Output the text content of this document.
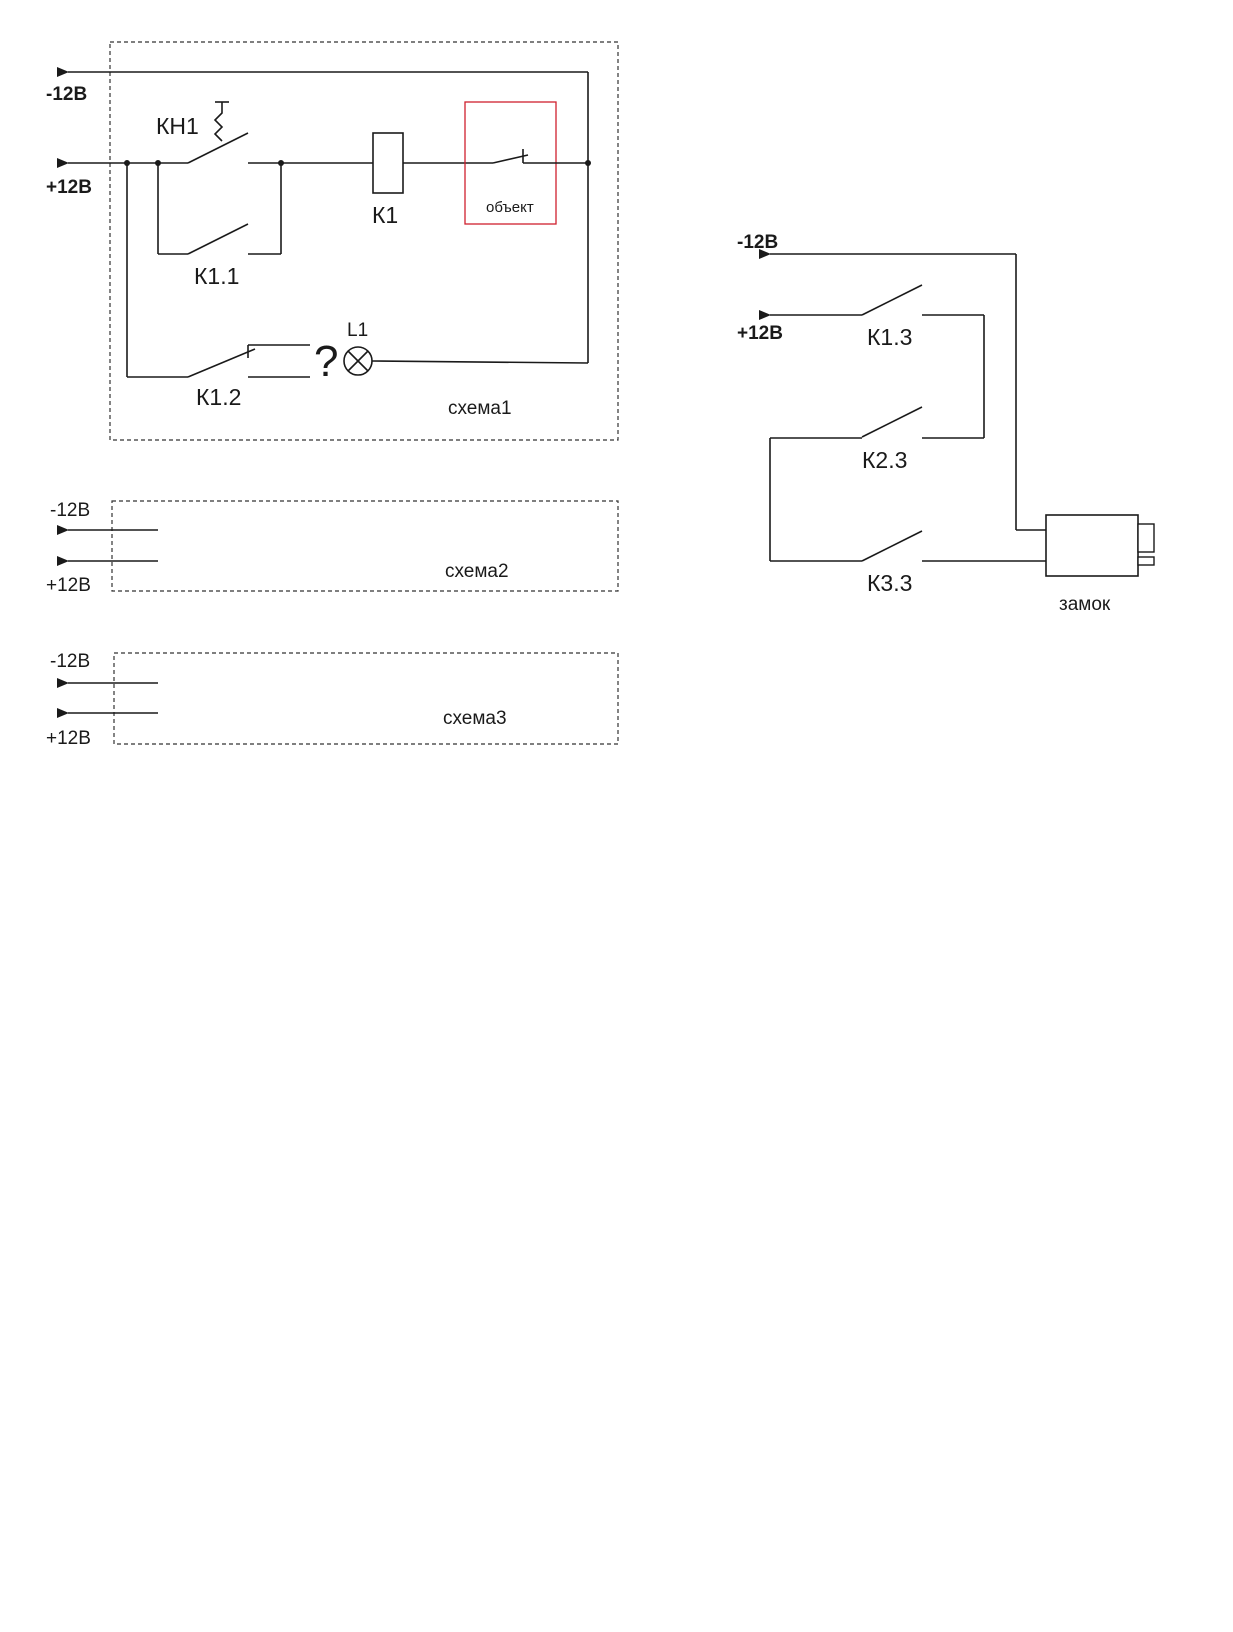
-12В
+12В
КН1
К1.1
К1	объект
К1.2
?
L1
схема1
-12В
+12В
схема2
-12В
+12В
схема3
-12В
+12В	К1.3
К2.3
К3.3
замок
